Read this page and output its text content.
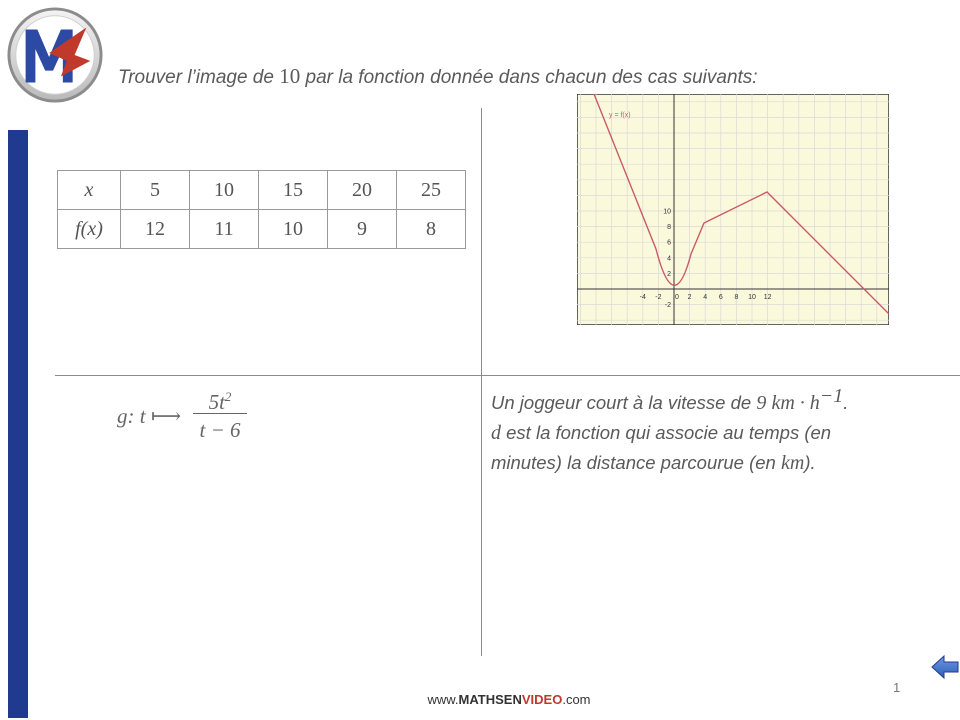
Trouver l’image de 10 par la fonction donnée dans chacun des cas suivants:
FONCTIONS
x	5	10	15	20	25
f(x)	12	11	10	9	8
-4 -2 0 2 4 6 8 10 12
-2
2
4
6
8
10
y = f(x)
g: t ⟼
$5t^2$
t − 6
Un joggeur court à la vitesse de 9 km · $h^{-1}$.
d est la fonction qui associe au temps (en
minutes) la distance parcourue (en km).
1
www.MATHSENVIDEO.com
